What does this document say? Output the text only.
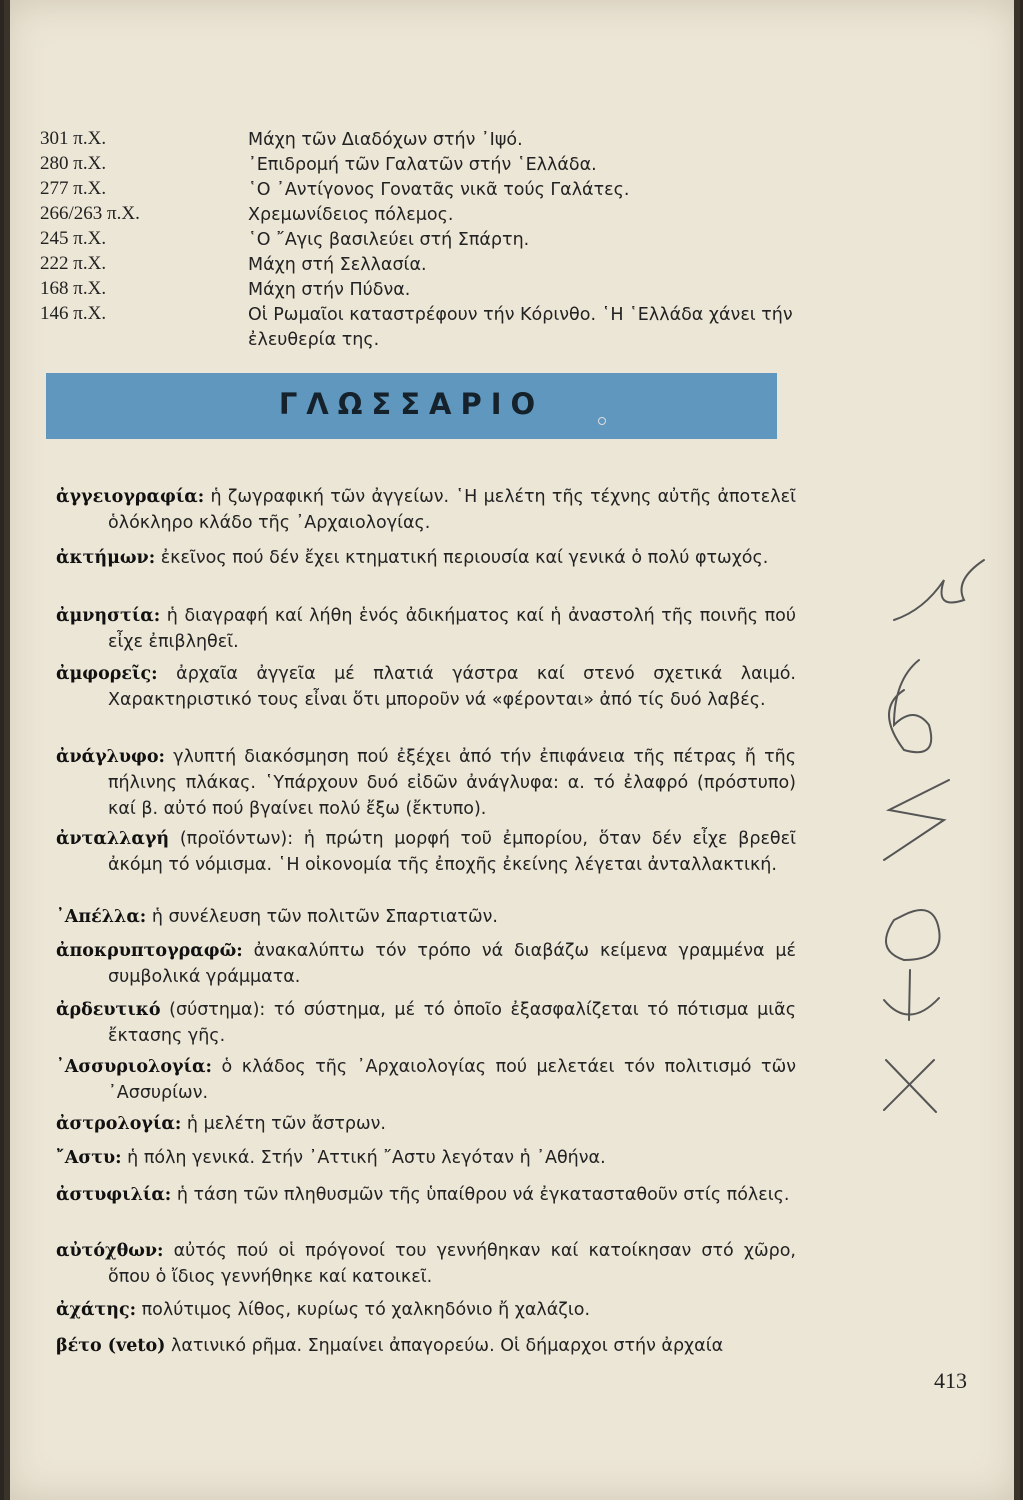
301 π.Χ.	Μάχη τῶν Διαδόχων στήν ᾿Ιψό.
280 π.Χ.	᾿Επιδρομή τῶν Γαλατῶν στήν ῾Ελλάδα.
277 π.Χ.	῾Ο ᾿Αντίγονος Γονατᾶς νικᾶ τούς Γαλάτες.
266/263 π.Χ.	Χρεμωνίδειος πόλεμος.
245 π.Χ.	῾Ο ῎Αγις βασιλεύει στή Σπάρτη.
222 π.Χ.	Μάχη στή Σελλασία.
168 π.Χ.	Μάχη στήν Πύδνα.
146 π.Χ.	Οἱ Ρωμαῖοι καταστρέφουν τήν Κόρινθο. ῾Η ῾Ελλάδα χάνει τήν ἐλευθερία της.
ΓΛΩΣΣΑΡΙΟ

ἀγγειογραφία: ἡ ζωγραφική τῶν ἀγγείων. ῾Η μελέτη τῆς τέχνης αὐτῆς ἀποτελεῖ ὁλόκληρο κλάδο τῆς ᾿Αρχαιολογίας.

ἀκτήμων: ἐκεῖνος πού δέν ἔχει κτηματική περιουσία καί γενικά ὁ πολύ φτωχός.

ἀμνηστία: ἡ διαγραφή καί λήθη ἑνός ἀδικήματος καί ἡ ἀναστολή τῆς ποινῆς πού εἶχε ἐπιβληθεῖ.

ἀμφορεῖς: ἀρχαῖα ἀγγεῖα μέ πλατιά γάστρα καί στενό σχετικά λαιμό. Χαρακτηριστικό τους εἶναι ὅτι μποροῦν νά «φέρονται» ἀπό τίς δυό λαβές.

ἀνάγλυφο: γλυπτή διακόσμηση πού ἐξέχει ἀπό τήν ἐπιφάνεια τῆς πέτρας ἤ τῆς πήλινης πλάκας. ῾Υπάρχουν δυό εἰδῶν ἀνάγλυφα: α. τό ἐλαφρό (πρόστυπο) καί β. αὐτό πού βγαίνει πολύ ἔξω (ἔκτυπο).

ἀνταλλαγή (προϊόντων): ἡ πρώτη μορφή τοῦ ἐμπορίου, ὅταν δέν εἶχε βρεθεῖ ἀκόμη τό νόμισμα. ῾Η οἰκονομία τῆς ἐποχῆς ἐκείνης λέγεται ἀνταλλακτική.

᾿Απέλλα: ἡ συνέλευση τῶν πολιτῶν Σπαρτιατῶν.

ἀποκρυπτογραφῶ: ἀνακαλύπτω τόν τρόπο νά διαβάζω κείμενα γραμμένα μέ συμβολικά γράμματα.

ἀρδευτικό (σύστημα): τό σύστημα, μέ τό ὁποῖο ἐξασφαλίζεται τό πότισμα μιᾶς ἔκτασης γῆς.

᾿Ασσυριολογία: ὁ κλάδος τῆς ᾿Αρχαιολογίας πού μελετάει τόν πολιτισμό τῶν ᾿Ασσυρίων.

ἀστρολογία: ἡ μελέτη τῶν ἄστρων.

῎Αστυ: ἡ πόλη γενικά. Στήν ᾿Αττική ῎Αστυ λεγόταν ἡ ᾿Αθήνα.

ἀστυφιλία: ἡ τάση τῶν πληθυσμῶν τῆς ὑπαίθρου νά ἐγκατασταθοῦν στίς πόλεις.

αὐτόχθων: αὐτός πού οἱ πρόγονοί του γεννήθηκαν καί κατοίκησαν στό χῶρο, ὅπου ὁ ἴδιος γεννήθηκε καί κατοικεῖ.

ἀχάτης: πολύτιμος λίθος, κυρίως τό χαλκηδόνιο ἤ χαλάζιο.

βέτο (veto) λατινικό ρῆμα. Σημαίνει ἀπαγορεύω. Οἱ δήμαρχοι στήν ἀρχαία

413
